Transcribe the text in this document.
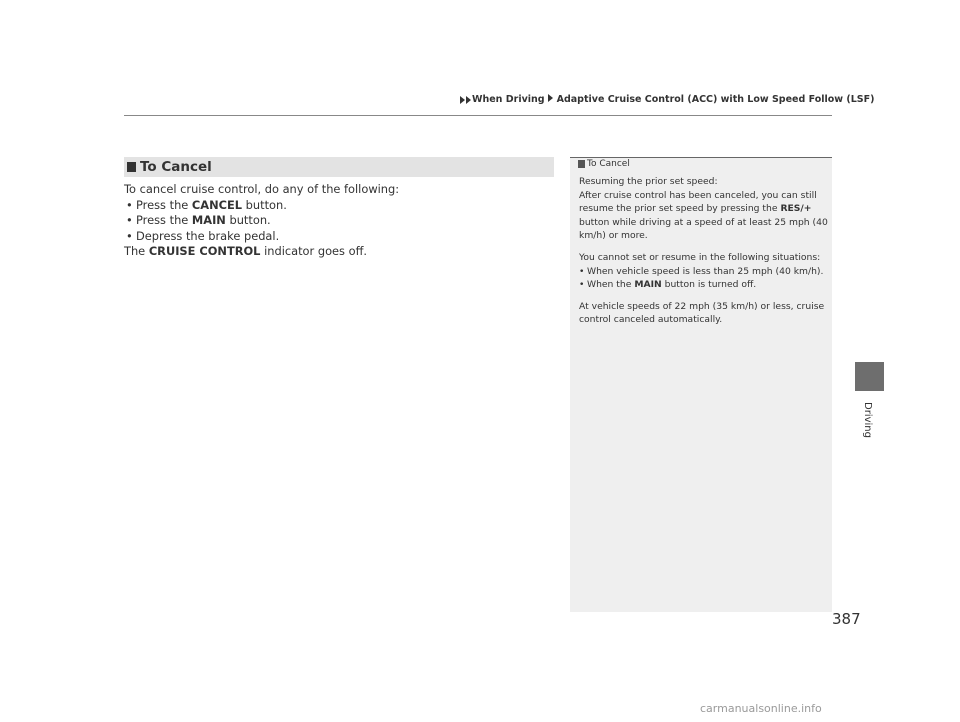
When Driving Adaptive Cruise Control (ACC) with Low Speed Follow (LSF)
To Cancel

To cancel cruise control, do any of the following:

• Press the CANCEL button.
• Press the MAIN button.
• Depress the brake pedal.

The CRUISE CONTROL indicator goes off.

To Cancel

Resuming the prior set speed:

After cruise control has been canceled, you can still resume the prior set speed by pressing the RES/+ button while driving at a speed of at least 25 mph (40 km/h) or more.

You cannot set or resume in the following situations:

• When vehicle speed is less than 25 mph (40 km/h).
• When the MAIN button is turned off.

At vehicle speeds of 22 mph (35 km/h) or less, cruise control canceled automatically.

Driving
387
carmanualsonline.info
